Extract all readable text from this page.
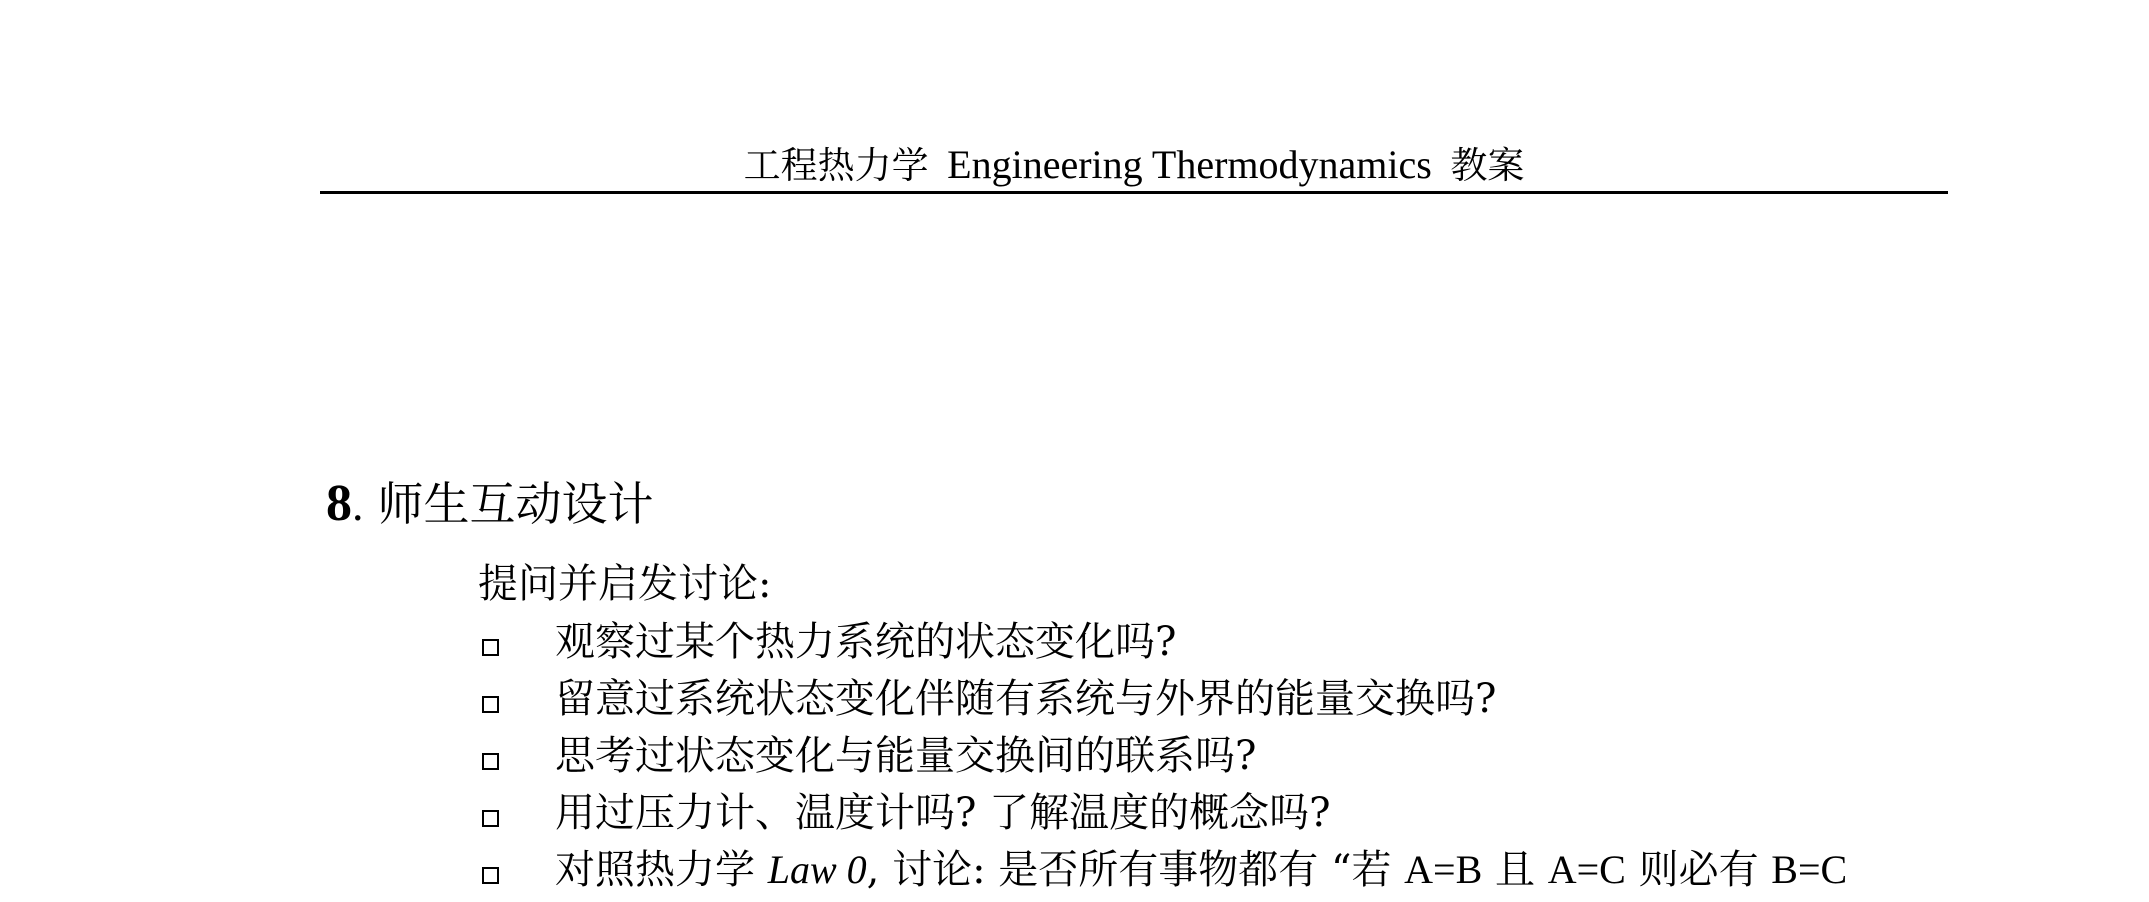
工程热力学 Engineering Thermodynamics 教案
8. 师生互动设计
提问并启发讨论:
观察过某个热力系统的状态变化吗?
留意过系统状态变化伴随有系统与外界的能量交换吗?
思考过状态变化与能量交换间的联系吗?
用过压力计、温度计吗? 了解温度的概念吗?
对照热力学 Law 0, 讨论: 是否所有事物都有 “若 A=B 且 A=C 则必有 B=C
